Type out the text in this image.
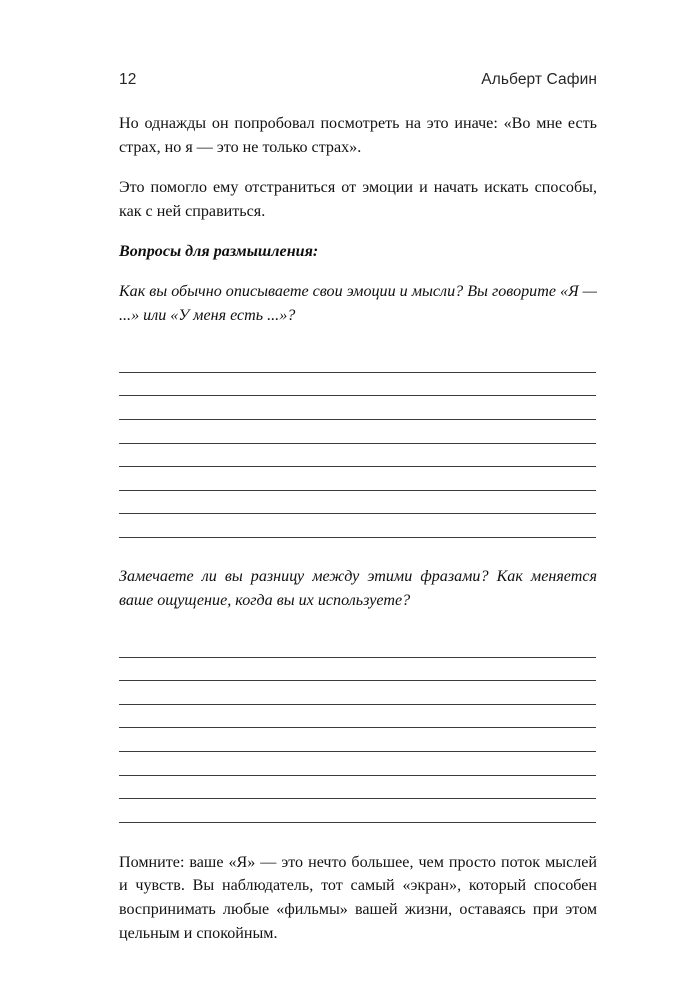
12	Альберт Сафин

Но однажды он попробовал посмотреть на это иначе: «Во мне есть страх, но я — это не только страх».

Это помогло ему отстраниться от эмоции и начать искать способы, как с ней справиться.

Вопросы для размышления:

Как вы обычно описываете свои эмоции и мысли? Вы говорите «Я — ...» или «У меня есть ...»?

Замечаете ли вы разницу между этими фразами? Как меняется ваше ощущение, когда вы их используете?

Помните: ваше «Я» — это нечто большее, чем просто поток мыслей и чувств. Вы наблюдатель, тот самый «экран», который способен воспринимать любые «фильмы» вашей жизни, оставаясь при этом цельным и спокойным.
